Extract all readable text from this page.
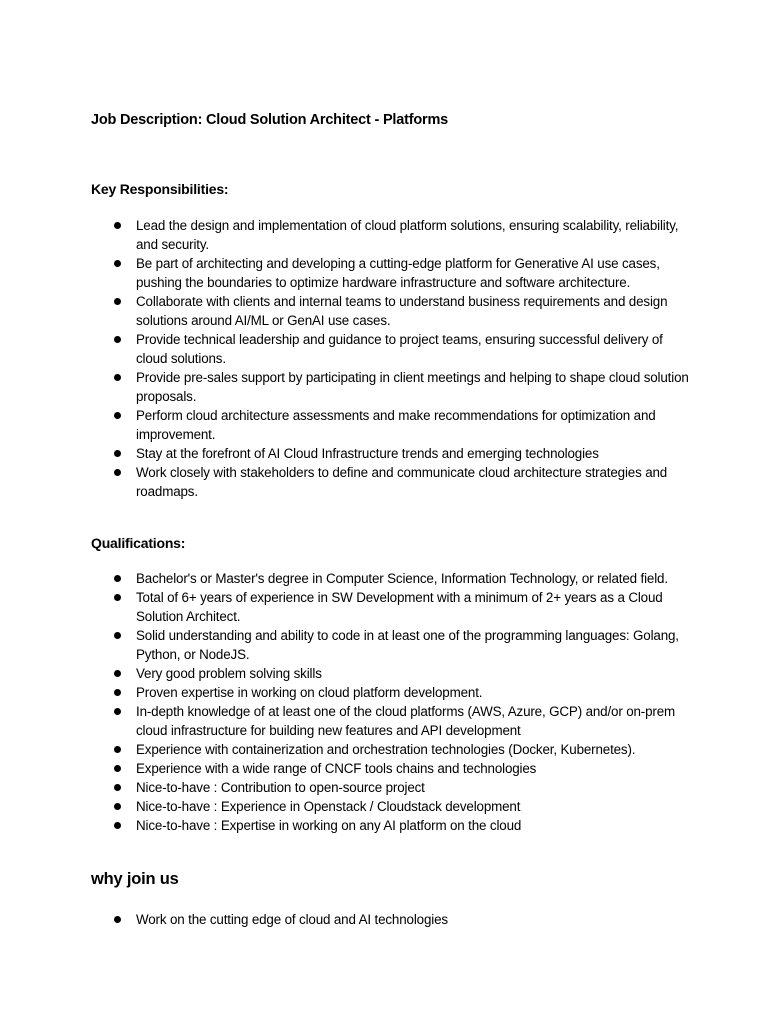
Job Description: Cloud Solution Architect - Platforms
Key Responsibilities:
Lead the design and implementation of cloud platform solutions, ensuring scalability, reliability, and security.
Be part of architecting and developing a cutting-edge platform for Generative AI use cases, pushing the boundaries to optimize hardware infrastructure and software architecture.
Collaborate with clients and internal teams to understand business requirements and design solutions around AI/ML or GenAI use cases.
Provide technical leadership and guidance to project teams, ensuring successful delivery of cloud solutions.
Provide pre-sales support by participating in client meetings and helping to shape cloud solution proposals.
Perform cloud architecture assessments and make recommendations for optimization and improvement.
Stay at the forefront of AI Cloud Infrastructure trends and emerging technologies
Work closely with stakeholders to define and communicate cloud architecture strategies and roadmaps.
Qualifications:
Bachelor's or Master's degree in Computer Science, Information Technology, or related field.
Total of 6+ years of experience in SW Development with a minimum of 2+ years as a Cloud Solution Architect.
Solid understanding and ability to code in at least one of the programming languages: Golang, Python, or NodeJS.
Very good problem solving skills
Proven expertise in working on cloud platform development.
In-depth knowledge of at least one of the cloud platforms (AWS, Azure, GCP) and/or on-prem cloud infrastructure for building new features and API development
Experience with containerization and orchestration technologies (Docker, Kubernetes).
Experience with a wide range of CNCF tools chains and technologies
Nice-to-have : Contribution to open-source project
Nice-to-have : Experience in Openstack / Cloudstack development
Nice-to-have : Expertise in working on any AI platform on the cloud
why join us
Work on the cutting edge of cloud and AI technologies
